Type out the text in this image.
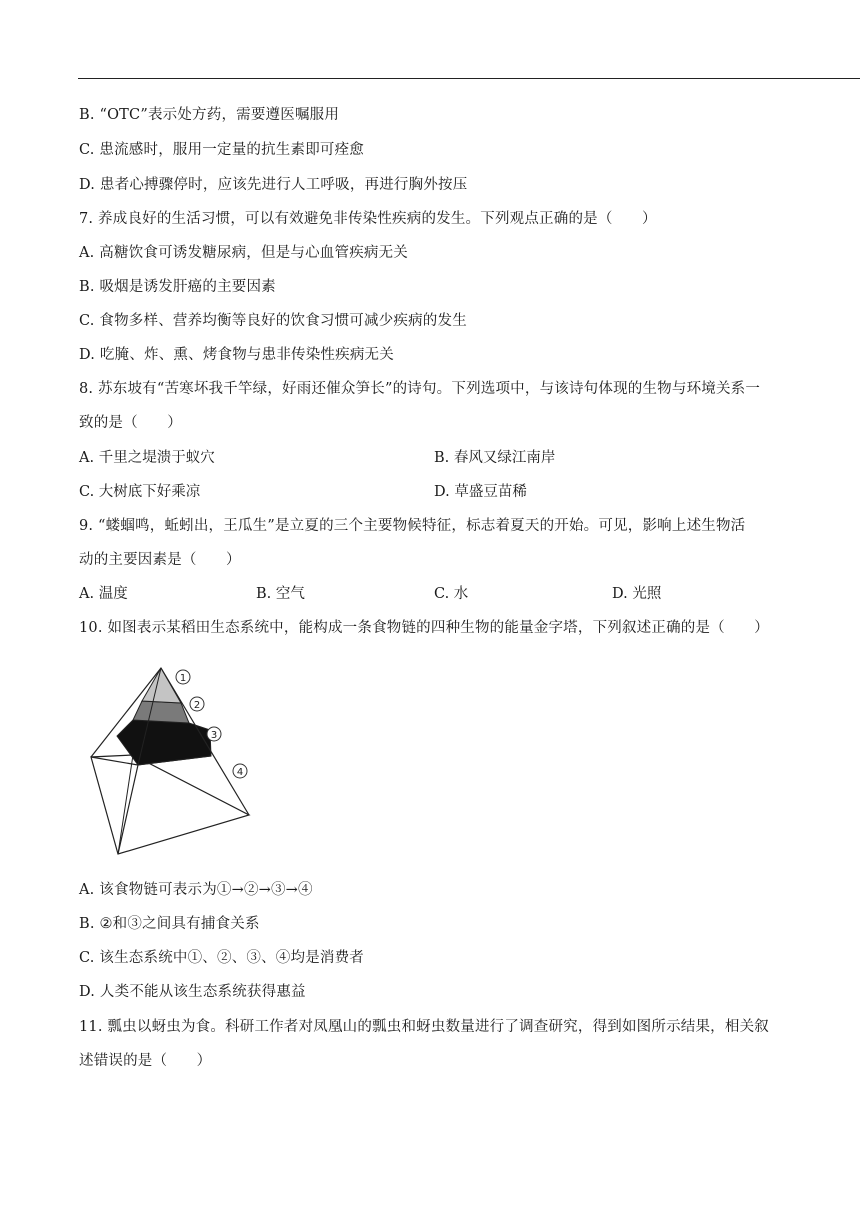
B. “OTC”表示处方药，需要遵医嘱服用
C. 患流感时，服用一定量的抗生素即可痊愈
D. 患者心搏骤停时，应该先进行人工呼吸，再进行胸外按压
7. 养成良好的生活习惯，可以有效避免非传染性疾病的发生。下列观点正确的是（　　）
A. 高糖饮食可诱发糖尿病，但是与心血管疾病无关
B. 吸烟是诱发肝癌的主要因素
C. 食物多样、营养均衡等良好的饮食习惯可减少疾病的发生
D. 吃腌、炸、熏、烤食物与患非传染性疾病无关
8. 苏东坡有“苦寒坏我千竿绿，好雨还催众笋长”的诗句。下列选项中，与该诗句体现的生物与环境关系一
致的是（　　）
A. 千里之堤溃于蚁穴	B. 春风又绿江南岸
C. 大树底下好乘凉	D. 草盛豆苗稀
9. “蝼蝈鸣，蚯蚓出，王瓜生”是立夏的三个主要物候特征，标志着夏天的开始。可见，影响上述生物活
动的主要因素是（　　）
A. 温度	B. 空气	C. 水	D. 光照
10. 如图表示某稻田生态系统中，能构成一条食物链的四种生物的能量金字塔，下列叙述正确的是（　　）
1
2
3
4
A. 该食物链可表示为①→②→③→④
B. ②和③之间具有捕食关系
C. 该生态系统中①、②、③、④均是消费者
D. 人类不能从该生态系统获得惠益
11. 瓢虫以蚜虫为食。科研工作者对凤凰山的瓢虫和蚜虫数量进行了调查研究，得到如图所示结果，相关叙
述错误的是（　　）
